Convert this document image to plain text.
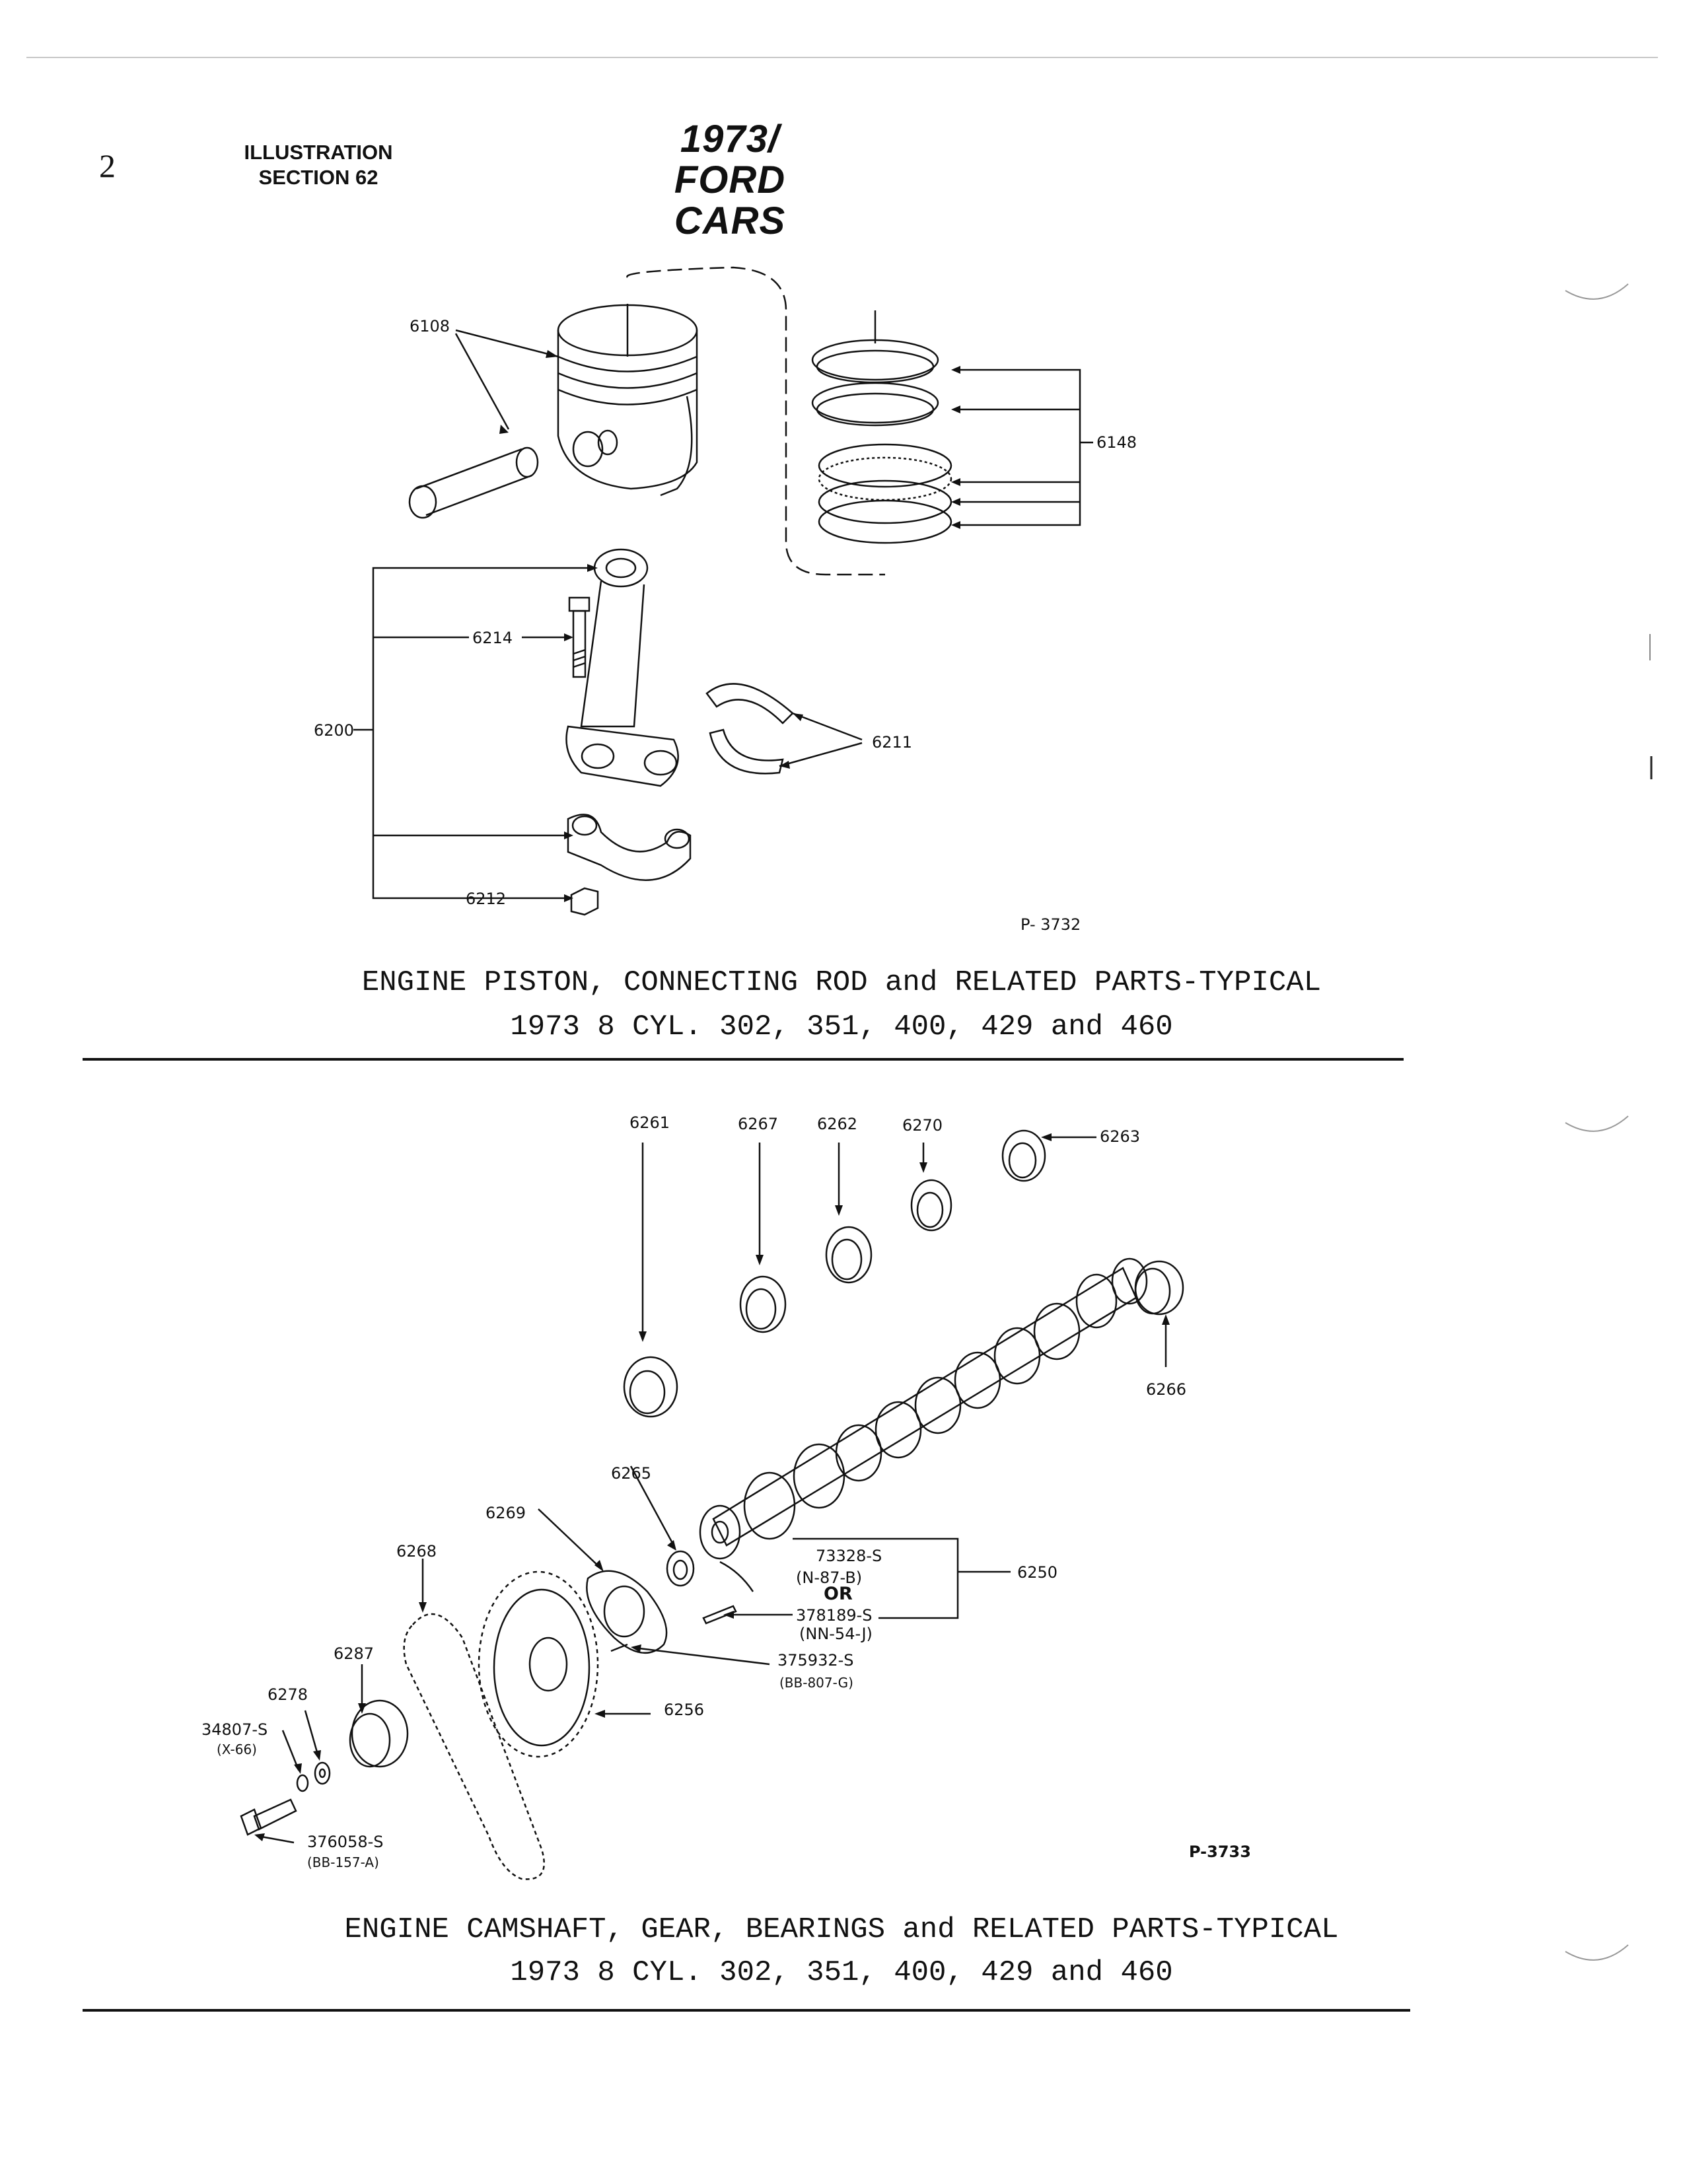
2	ILLUSTRATION
SECTION 62
1973/
FORD CARS
6108
6148
6214
6200
6211
6212
P- 3732
ENGINE PISTON, CONNECTING ROD and RELATED PARTS-TYPICAL
1973 8 CYL. 302, 351, 400, 429 and 460
6261	6267 6262	6270
6263
6266
6265
6269
6268
6250
73328-S
(N-87-B)
OR
378189-S
(NN-54-J)
375932-S
(BB-807-G)
6256
6287
6278
34807-S
(X-66)
376058-S
(BB-157-A)
P-3733
ENGINE CAMSHAFT, GEAR, BEARINGS and RELATED PARTS-TYPICAL
1973 8 CYL. 302, 351, 400, 429 and 460
